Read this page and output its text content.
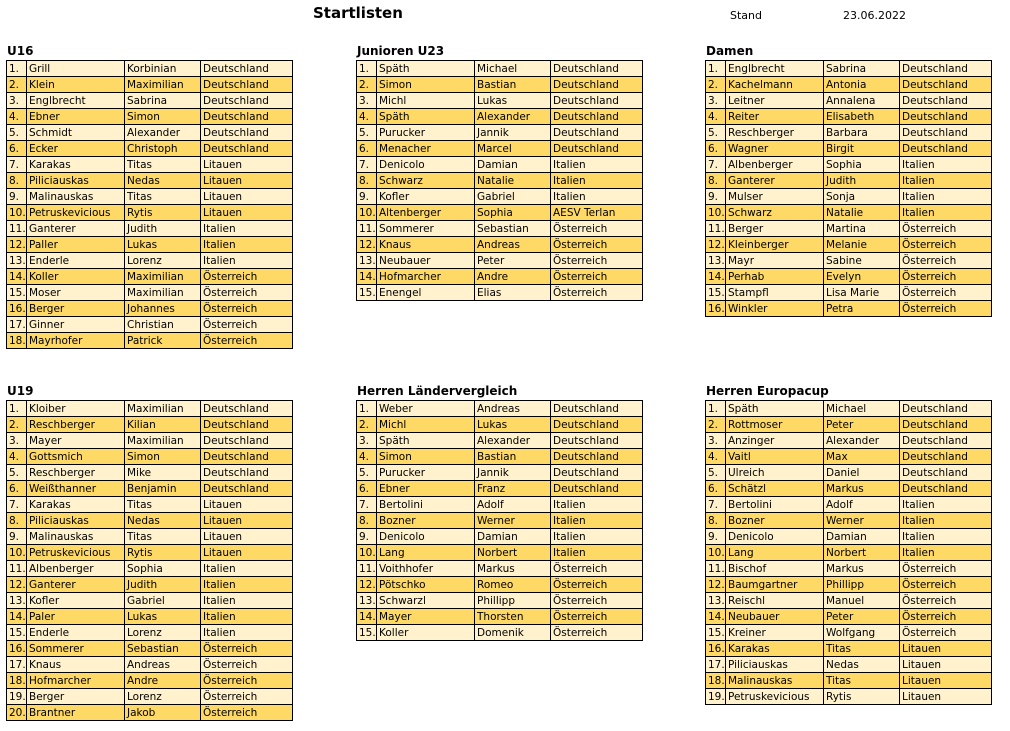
Startlisten	Stand	23.06.2022
U16
1.	Grill	Korbinian	Deutschland
2.	Klein	Maximilian	Deutschland
3.	Englbrecht	Sabrina	Deutschland
4.	Ebner	Simon	Deutschland
5.	Schmidt	Alexander	Deutschland
6.	Ecker	Christoph	Deutschland
7.	Karakas	Titas	Litauen
8.	Piliciauskas	Nedas	Litauen
9.	Malinauskas	Titas	Litauen
10.	Petruskevicious	Rytis	Litauen
11.	Ganterer	Judith	Italien
12.	Paller	Lukas	Italien
13.	Enderle	Lorenz	Italien
14.	Koller	Maximilian	Österreich
15.	Moser	Maximilian	Österreich
16.	Berger	Johannes	Österreich
17.	Ginner	Christian	Österreich
18.	Mayrhofer	Patrick	Österreich
Junioren U23
1.	Späth	Michael	Deutschland
2.	Simon	Bastian	Deutschland
3.	Michl	Lukas	Deutschland
4.	Späth	Alexander	Deutschland
5.	Purucker	Jannik	Deutschland
6.	Menacher	Marcel	Deutschland
7.	Denicolo	Damian	Italien
8.	Schwarz	Natalie	Italien
9.	Kofler	Gabriel	Italien
10.	Altenberger	Sophia	AESV Terlan
11.	Sommerer	Sebastian	Österreich
12.	Knaus	Andreas	Österreich
13.	Neubauer	Peter	Österreich
14.	Hofmarcher	Andre	Österreich
15.	Enengel	Elias	Österreich
Damen
1.	Englbrecht	Sabrina	Deutschland
2.	Kachelmann	Antonia	Deutschland
3.	Leitner	Annalena	Deutschland
4.	Reiter	Elisabeth	Deutschland
5.	Reschberger	Barbara	Deutschland
6.	Wagner	Birgit	Deutschland
7.	Albenberger	Sophia	Italien
8.	Ganterer	Judith	Italien
9.	Mulser	Sonja	Italien
10.	Schwarz	Natalie	Italien
11.	Berger	Martina	Österreich
12.	Kleinberger	Melanie	Österreich
13.	Mayr	Sabine	Österreich
14.	Perhab	Evelyn	Österreich
15.	Stampfl	Lisa Marie	Österreich
16.	Winkler	Petra	Österreich
U19
1.	Kloiber	Maximilian	Deutschland
2.	Reschberger	Kilian	Deutschland
3.	Mayer	Maximilian	Deutschland
4.	Gottsmich	Simon	Deutschland
5.	Reschberger	Mike	Deutschland
6.	Weißthanner	Benjamin	Deutschland
7.	Karakas	Titas	Litauen
8.	Piliciauskas	Nedas	Litauen
9.	Malinauskas	Titas	Litauen
10.	Petruskevicious	Rytis	Litauen
11.	Albenberger	Sophia	Italien
12.	Ganterer	Judith	Italien
13.	Kofler	Gabriel	Italien
14.	Paler	Lukas	Italien
15.	Enderle	Lorenz	Italien
16.	Sommerer	Sebastian	Österreich
17.	Knaus	Andreas	Österreich
18.	Hofmarcher	Andre	Österreich
19.	Berger	Lorenz	Österreich
20.	Brantner	Jakob	Österreich
Herren Ländervergleich
1.	Weber	Andreas	Deutschland
2.	Michl	Lukas	Deutschland
3.	Späth	Alexander	Deutschland
4.	Simon	Bastian	Deutschland
5.	Purucker	Jannik	Deutschland
6.	Ebner	Franz	Deutschland
7.	Bertolini	Adolf	Italien
8.	Bozner	Werner	Italien
9.	Denicolo	Damian	Italien
10.	Lang	Norbert	Italien
11.	Voithhofer	Markus	Österreich
12.	Pötschko	Romeo	Österreich
13.	Schwarzl	Phillipp	Österreich
14.	Mayer	Thorsten	Österreich
15.	Koller	Domenik	Österreich
Herren Europacup
1.	Späth	Michael	Deutschland
2.	Rottmoser	Peter	Deutschland
3.	Anzinger	Alexander	Deutschland
4.	Vaitl	Max	Deutschland
5.	Ulreich	Daniel	Deutschland
6.	Schätzl	Markus	Deutschland
7.	Bertolini	Adolf	Italien
8.	Bozner	Werner	Italien
9.	Denicolo	Damian	Italien
10.	Lang	Norbert	Italien
11.	Bischof	Markus	Österreich
12.	Baumgartner	Phillipp	Österreich
13.	Reischl	Manuel	Österreich
14.	Neubauer	Peter	Österreich
15.	Kreiner	Wolfgang	Österreich
16.	Karakas	Titas	Litauen
17.	Piliciauskas	Nedas	Litauen
18.	Malinauskas	Titas	Litauen
19.	Petruskevicious	Rytis	Litauen
